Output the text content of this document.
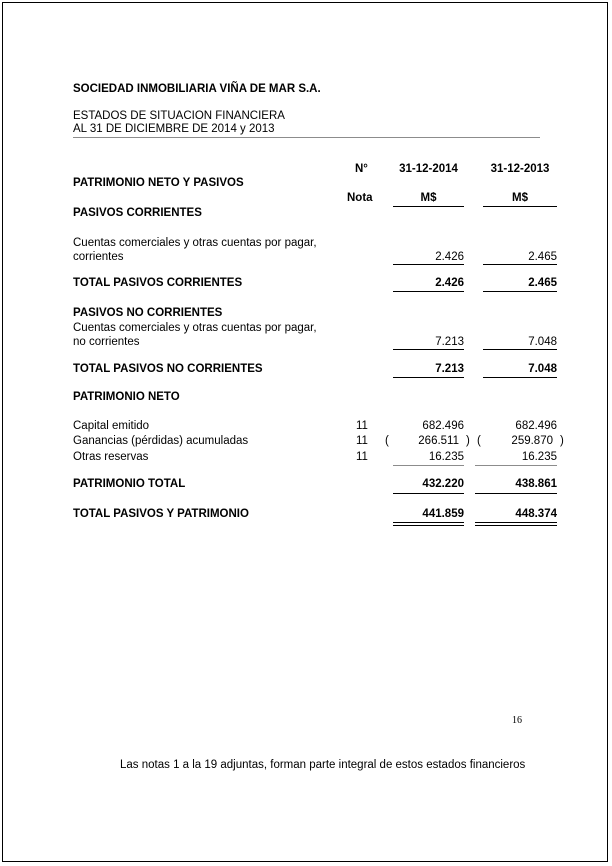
SOCIEDAD INMOBILIARIA VIÑA DE MAR S.A.
ESTADOS DE SITUACION FINANCIERA
AL 31 DE DICIEMBRE DE 2014 y 2013
N°	31-12-2014	31-12-2013
PATRIMONIO NETO Y PASIVOS
Nota	M$	M$
PASIVOS CORRIENTES
Cuentas comerciales y otras cuentas por pagar,
corrientes	2.426	2.465
TOTAL PASIVOS CORRIENTES	2.426	2.465
PASIVOS NO CORRIENTES
Cuentas comerciales y otras cuentas por pagar,
no corrientes	7.213	7.048
TOTAL PASIVOS NO CORRIENTES	7.213	7.048
PATRIMONIO NETO
Capital emitido	11	682.496	682.496
Ganancias (pérdidas) acumuladas	11	(	266.511 ) (	259.870 )
Otras reservas	11	16.235	16.235
PATRIMONIO TOTAL	432.220	438.861
TOTAL PASIVOS Y PATRIMONIO	441.859	448.374
16
Las notas 1 a la 19 adjuntas, forman parte integral de estos estados financieros
